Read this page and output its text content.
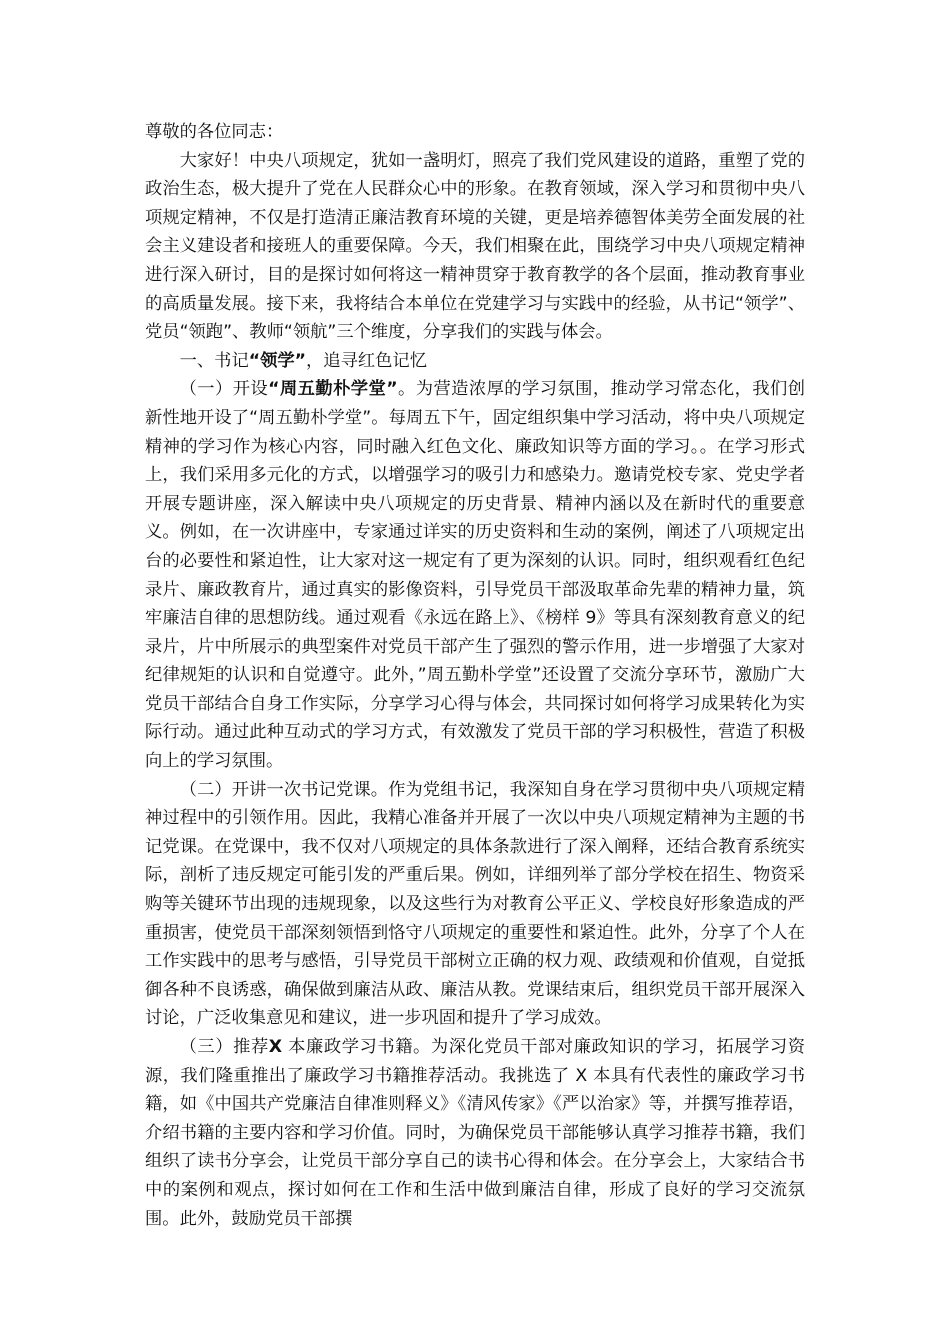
尊敬的各位同志：

大家好！中央八项规定，犹如一盏明灯，照亮了我们党风建设的道路，重塑了党的政治生态，极大提升了党在人民群众心中的形象。在教育领域，深入学习和贯彻中央八项规定精神，不仅是打造清正廉洁教育环境的关键，更是培养德智体美劳全面发展的社会主义建设者和接班人的重要保障。今天，我们相聚在此，围绕学习中央八项规定精神进行深入研讨，目的是探讨如何将这一精神贯穿于教育教学的各个层面，推动教育事业的高质量发展。接下来，我将结合本单位在党建学习与实践中的经验，从书记“领学”、党员“领跑”、教师“领航”三个维度，分享我们的实践与体会。

一、书记“领学”，追寻红色记忆

（一）开设“周五勤朴学堂”。为营造浓厚的学习氛围，推动学习常态化，我们创新性地开设了“周五勤朴学堂”。每周五下午，固定组织集中学习活动，将中央八项规定精神的学习作为核心内容，同时融入红色文化、廉政知识等方面的学习。。在学习形式上，我们采用多元化的方式，以增强学习的吸引力和感染力。邀请党校专家、党史学者开展专题讲座，深入解读中央八项规定的历史背景、精神内涵以及在新时代的重要意义。例如，在一次讲座中，专家通过详实的历史资料和生动的案例，阐述了八项规定出台的必要性和紧迫性，让大家对这一规定有了更为深刻的认识。同时，组织观看红色纪录片、廉政教育片，通过真实的影像资料，引导党员干部汲取革命先辈的精神力量，筑牢廉洁自律的思想防线。通过观看《永远在路上》、《榜样 9》等具有深刻教育意义的纪录片，片中所展示的典型案件对党员干部产生了强烈的警示作用，进一步增强了大家对纪律规矩的认识和自觉遵守。此外，”周五勤朴学堂”还设置了交流分享环节，激励广大党员干部结合自身工作实际，分享学习心得与体会，共同探讨如何将学习成果转化为实际行动。通过此种互动式的学习方式，有效激发了党员干部的学习积极性，营造了积极向上的学习氛围。

（二）开讲一次书记党课。作为党组书记，我深知自身在学习贯彻中央八项规定精神过程中的引领作用。因此，我精心准备并开展了一次以中央八项规定精神为主题的书记党课。在党课中，我不仅对八项规定的具体条款进行了深入阐释，还结合教育系统实际，剖析了违反规定可能引发的严重后果。例如，详细列举了部分学校在招生、物资采购等关键环节出现的违规现象，以及这些行为对教育公平正义、学校良好形象造成的严重损害，使党员干部深刻领悟到恪守八项规定的重要性和紧迫性。此外，分享了个人在工作实践中的思考与感悟，引导党员干部树立正确的权力观、政绩观和价值观，自觉抵御各种不良诱惑，确保做到廉洁从政、廉洁从教。党课结束后，组织党员干部开展深入讨论，广泛收集意见和建议，进一步巩固和提升了学习成效。

（三）推荐X 本廉政学习书籍。为深化党员干部对廉政知识的学习，拓展学习资源，我们隆重推出了廉政学习书籍推荐活动。我挑选了 X 本具有代表性的廉政学习书籍，如《中国共产党廉洁自律准则释义》《清风传家》《严以治家》等，并撰写推荐语，介绍书籍的主要内容和学习价值。同时，为确保党员干部能够认真学习推荐书籍，我们组织了读书分享会，让党员干部分享自己的读书心得和体会。在分享会上，大家结合书中的案例和观点，探讨如何在工作和生活中做到廉洁自律，形成了良好的学习交流氛围。此外，鼓励党员干部撰
